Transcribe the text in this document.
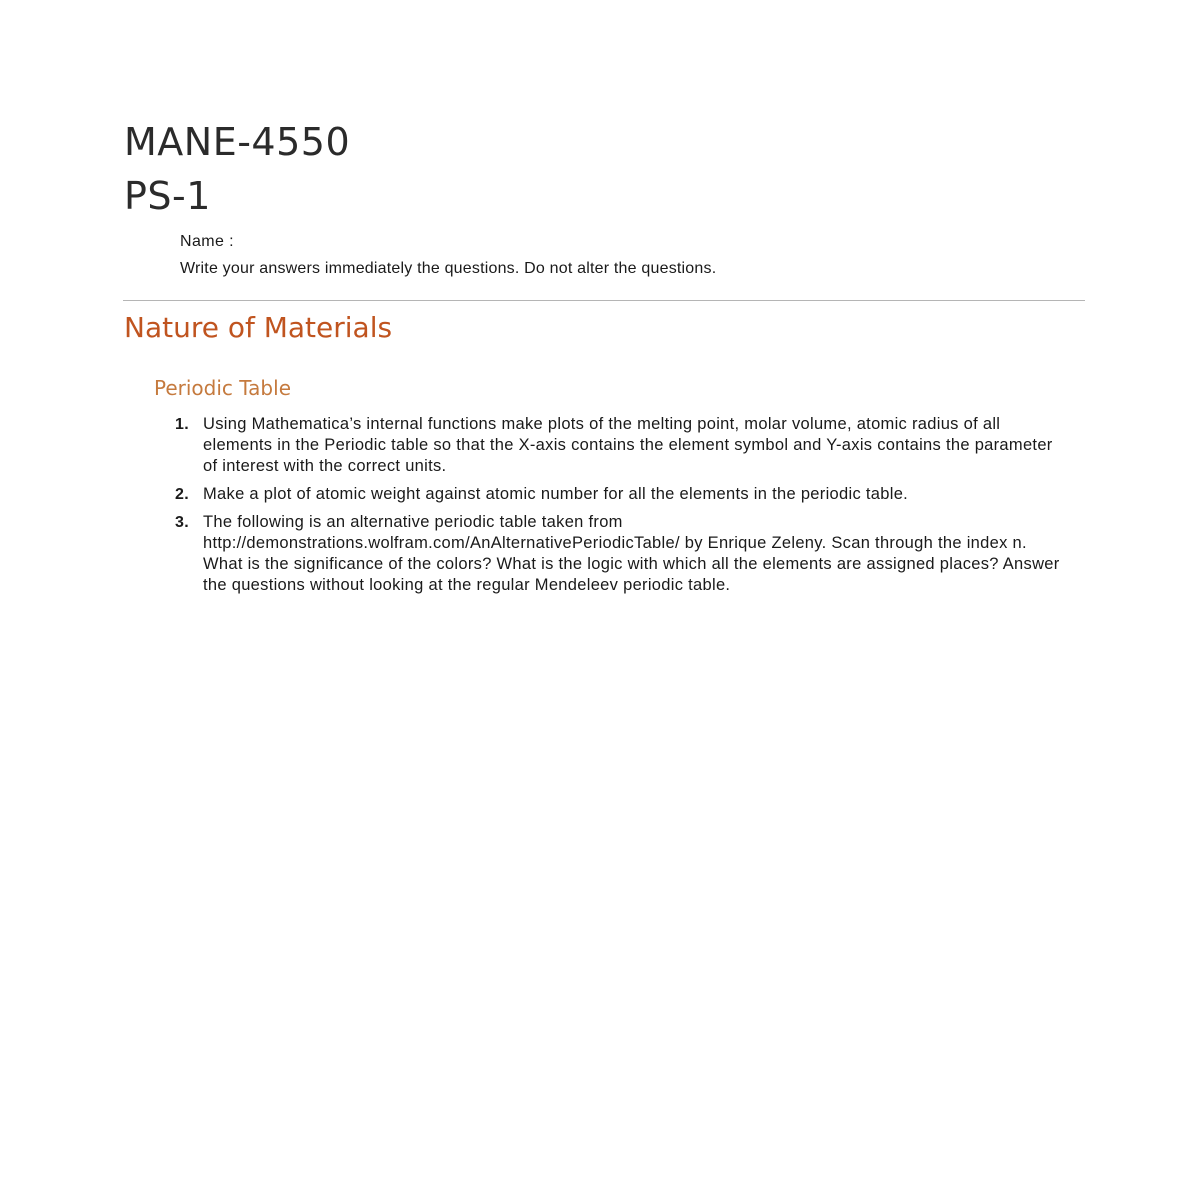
MANE-4550
PS-1
Name :
Write your answers immediately the questions. Do not alter the questions.
Nature of Materials
Periodic Table
1. Using Mathematica’s internal functions make plots of the melting point, molar volume, atomic radius of all elements in the Periodic table so that the X-axis contains the element symbol and Y-axis contains the parameter of interest with the correct units.
2. Make a plot of atomic weight against atomic number for all the elements in the periodic table.
3. The following is an alternative periodic table taken from http://demonstrations.wolfram.com/AnAlternativePeriodicTable/ by Enrique Zeleny. Scan through the index n. What is the significance of the colors? What is the logic with which all the elements are assigned places? Answer the questions without looking at the regular Mendeleev periodic table.
